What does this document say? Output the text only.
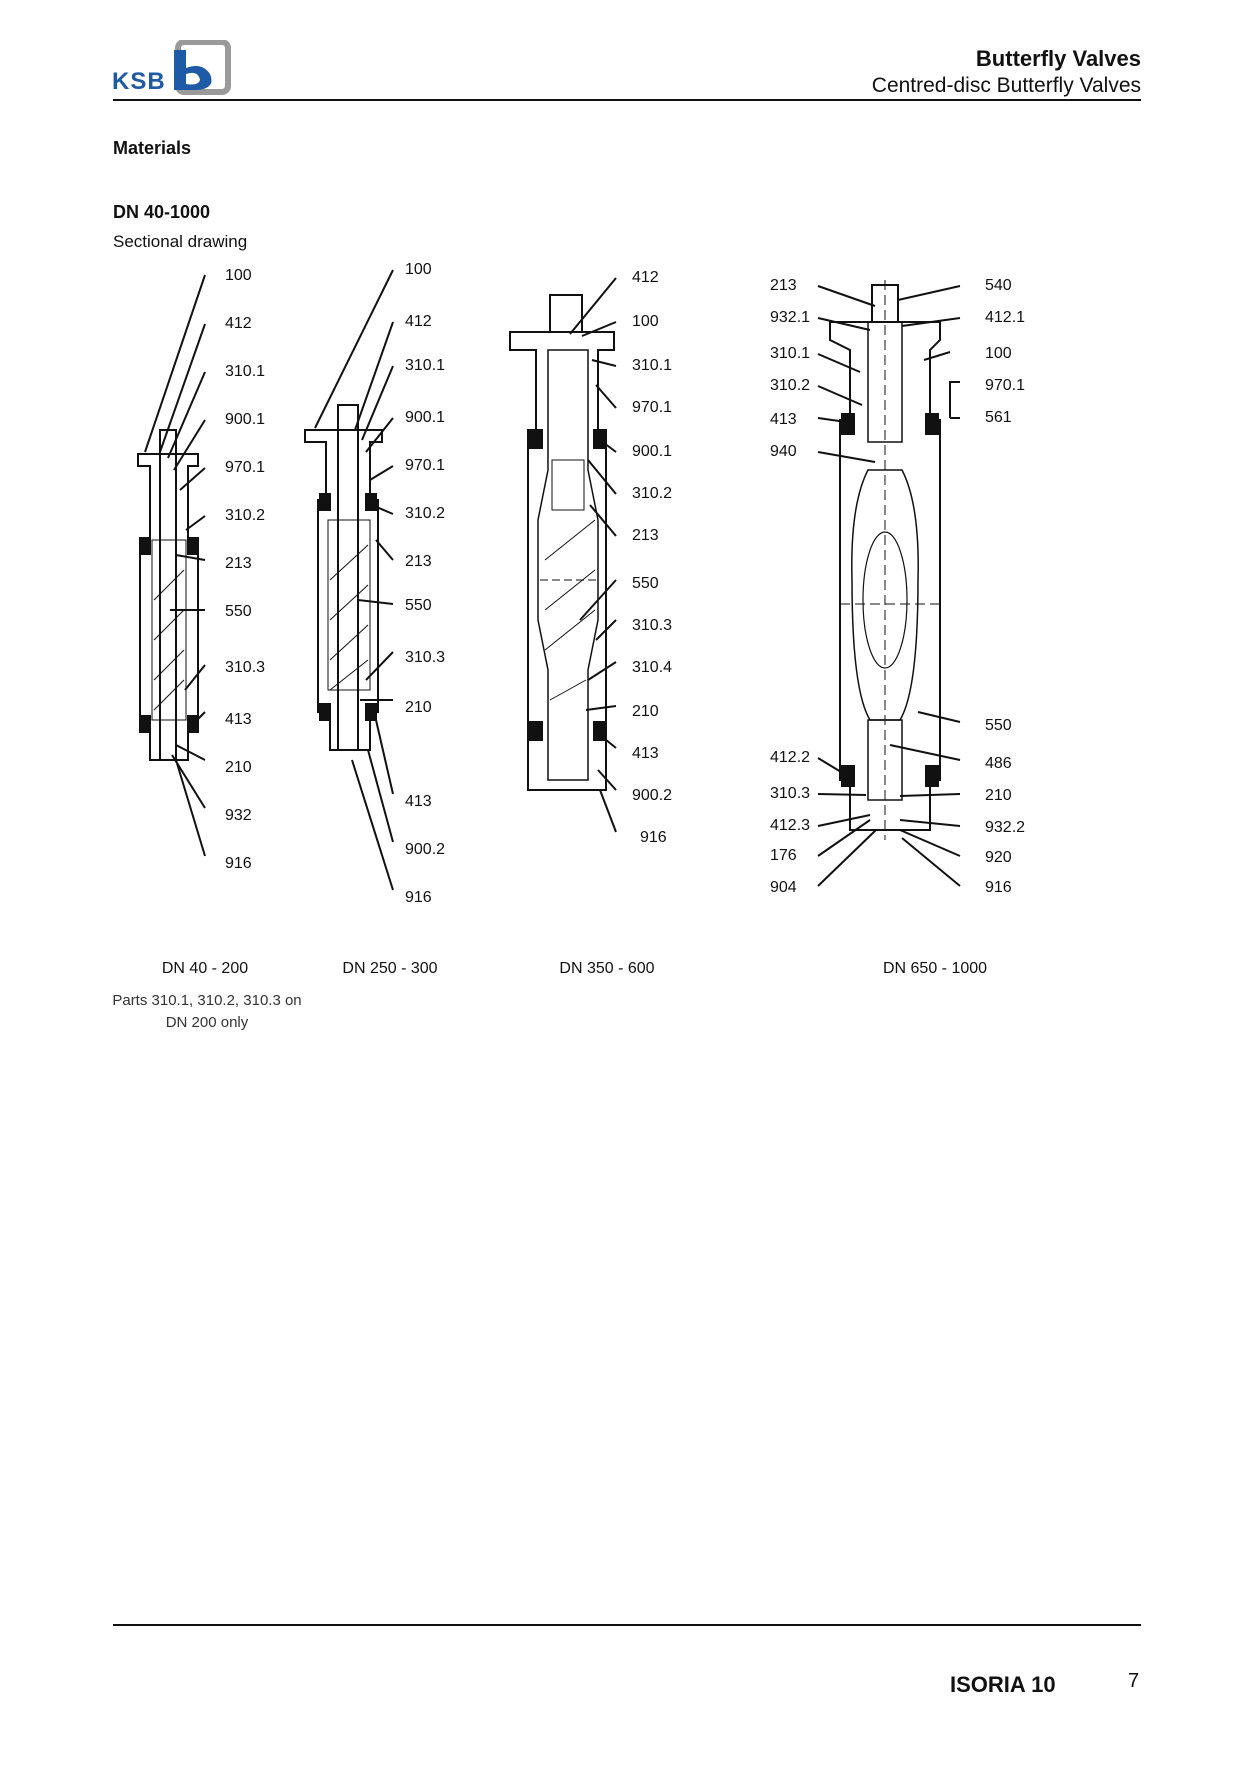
KSB
Butterfly Valves
Centred-disc Butterfly Valves
Materials
DN 40-1000
Sectional drawing
100
412
310.1
900.1
970.1
310.2
213
550
310.3
413
210
932
916
100
412
310.1
900.1
970.1
310.2
213
550
310.3
210
413
900.2
916
412
100
310.1
970.1
900.1
310.2
213
550
310.3
310.4
210
413
900.2
916
213
932.1
310.1
310.2
413
940
412.2
310.3
412.3
176
904
540
412.1
100
970.1
561
550
486
210
932.2
920
916
DN 40 - 200	DN 250 - 300	DN 350 - 600	DN 650 - 1000
Parts 310.1, 310.2, 310.3 on DN 200 only
ISORIA 10	7
